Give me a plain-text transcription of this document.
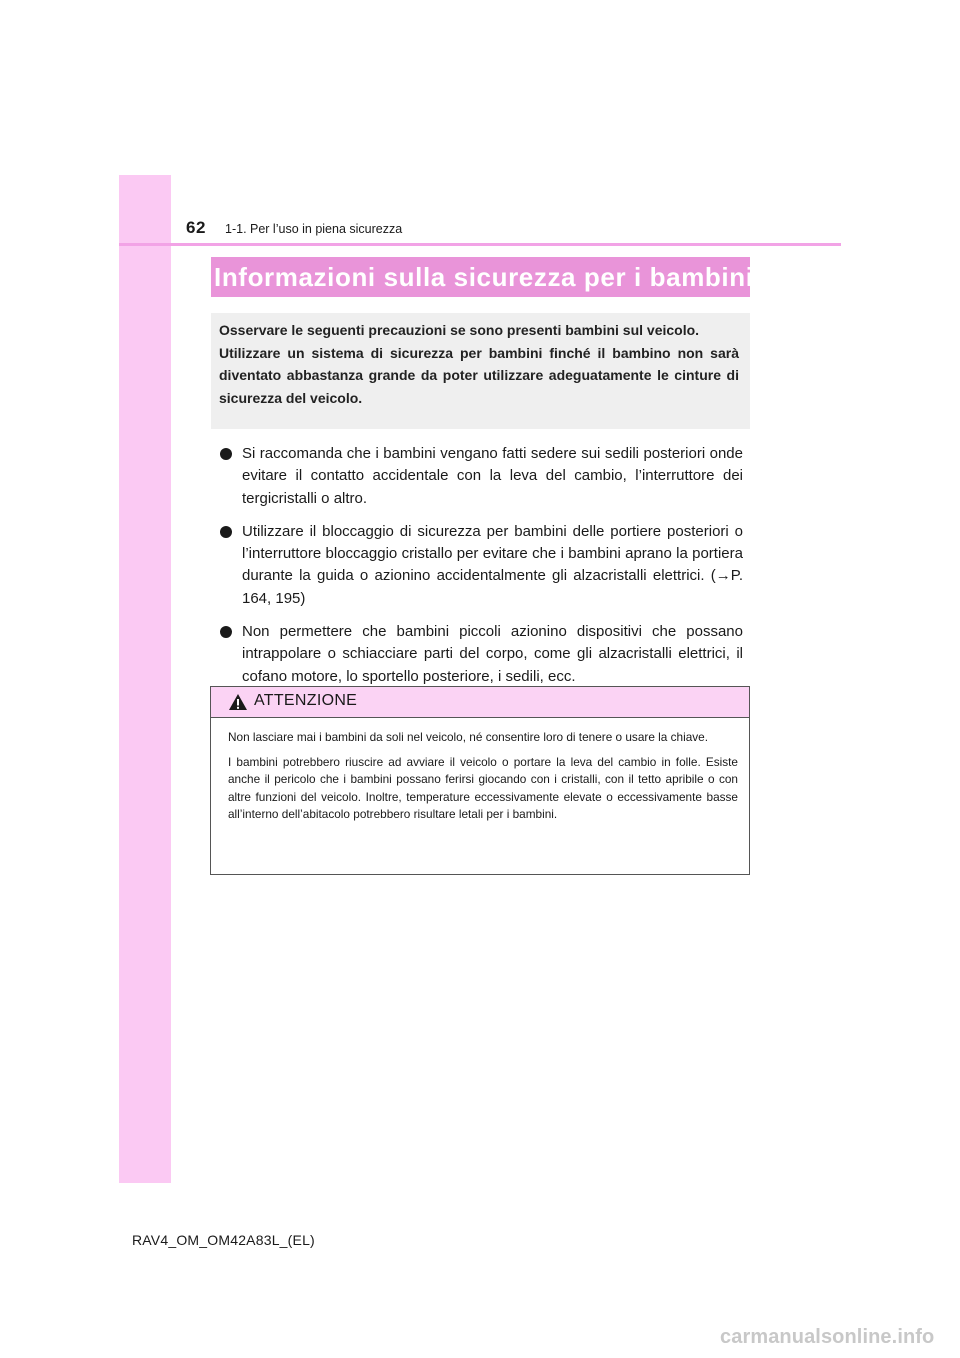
62 1-1. Per l’uso in piena sicurezza
Informazioni sulla sicurezza per i bambini

Osservare le seguenti precauzioni se sono presenti bambini sul veicolo.

Utilizzare un sistema di sicurezza per bambini finché il bambino non sarà diventato abbastanza grande da poter utilizzare adeguatamente le cinture di sicurezza del veicolo.

Si raccomanda che i bambini vengano fatti sedere sui sedili posteriori onde evitare il contatto accidentale con la leva del cambio, l’interruttore dei tergicristalli o altro.
Utilizzare il bloccaggio di sicurezza per bambini delle portiere posteriori o l’interruttore bloccaggio cristallo per evitare che i bambini aprano la portiera durante la guida o azionino accidentalmente gli alzacristalli elettrici. (→P. 164, 195)
Non permettere che bambini piccoli azionino dispositivi che possano intrappolare o schiacciare parti del corpo, come gli alzacristalli elettrici, il cofano motore, lo sportello posteriore, i sedili, ecc.
ATTENZIONE

Non lasciare mai i bambini da soli nel veicolo, né consentire loro di tenere o usare la chiave.

I bambini potrebbero riuscire ad avviare il veicolo o portare la leva del cambio in folle. Esiste anche il pericolo che i bambini possano ferirsi giocando con i cristalli, con il tetto apribile o con altre funzioni del veicolo. Inoltre, temperature eccessivamente elevate o eccessivamente basse all’interno dell’abitacolo potrebbero risultare letali per i bambini.

RAV4_OM_OM42A83L_(EL)
carmanualsonline.info
